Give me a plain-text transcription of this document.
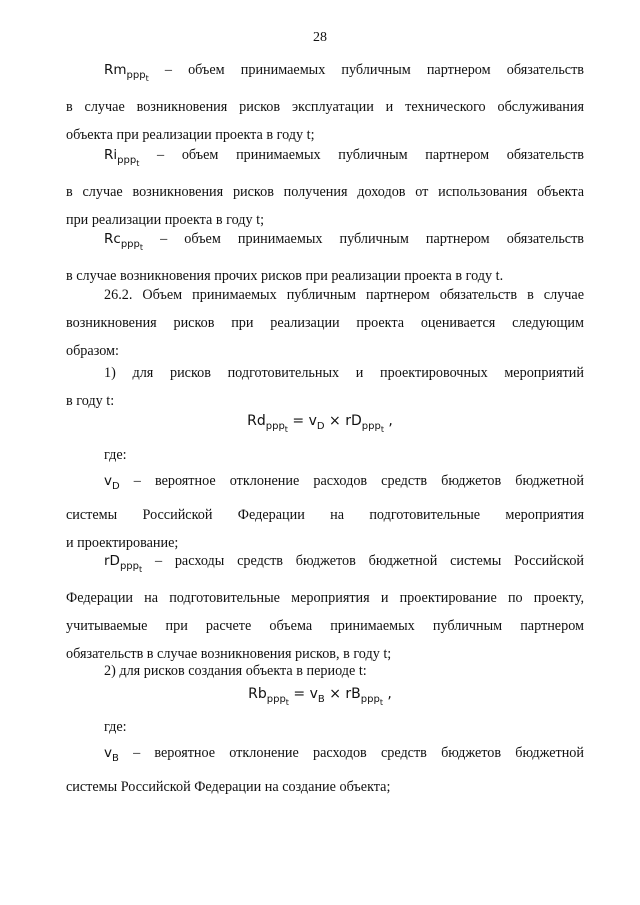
28

$Rm_{ppp_t}$ – объем принимаемых публичным партнером обязательств

в случае возникновения рисков эксплуатации и технического обслуживания

объекта при реализации проекта в году t;

$Ri_{ppp_t}$ – объем принимаемых публичным партнером обязательств

в случае возникновения рисков получения доходов от использования объекта

при реализации проекта в году t;

$Rc_{ppp_t}$ – объем принимаемых публичным партнером обязательств

в случае возникновения прочих рисков при реализации проекта в году t.

26.2. Объем принимаемых публичным партнером обязательств в случае

возникновения рисков при реализации проекта оценивается следующим

образом:

1) для рисков подготовительных и проектировочных мероприятий

в году t:

$Rd_{ppp_t} = v_D \times rD_{ppp_t}$ ,

где:

$v_D$ – вероятное отклонение расходов средств бюджетов бюджетной

системы Российской Федерации на подготовительные мероприятия

и проектирование;

$rD_{ppp_t}$ – расходы средств бюджетов бюджетной системы Российской

Федерации на подготовительные мероприятия и проектирование по проекту,

учитываемые при расчете объема принимаемых публичным партнером

обязательств в случае возникновения рисков, в году t;

2) для рисков создания объекта в периоде t:

$Rb_{ppp_t} = v_B \times rB_{ppp_t}$ ,

где:

$v_B$ – вероятное отклонение расходов средств бюджетов бюджетной

системы Российской Федерации на создание объекта;
